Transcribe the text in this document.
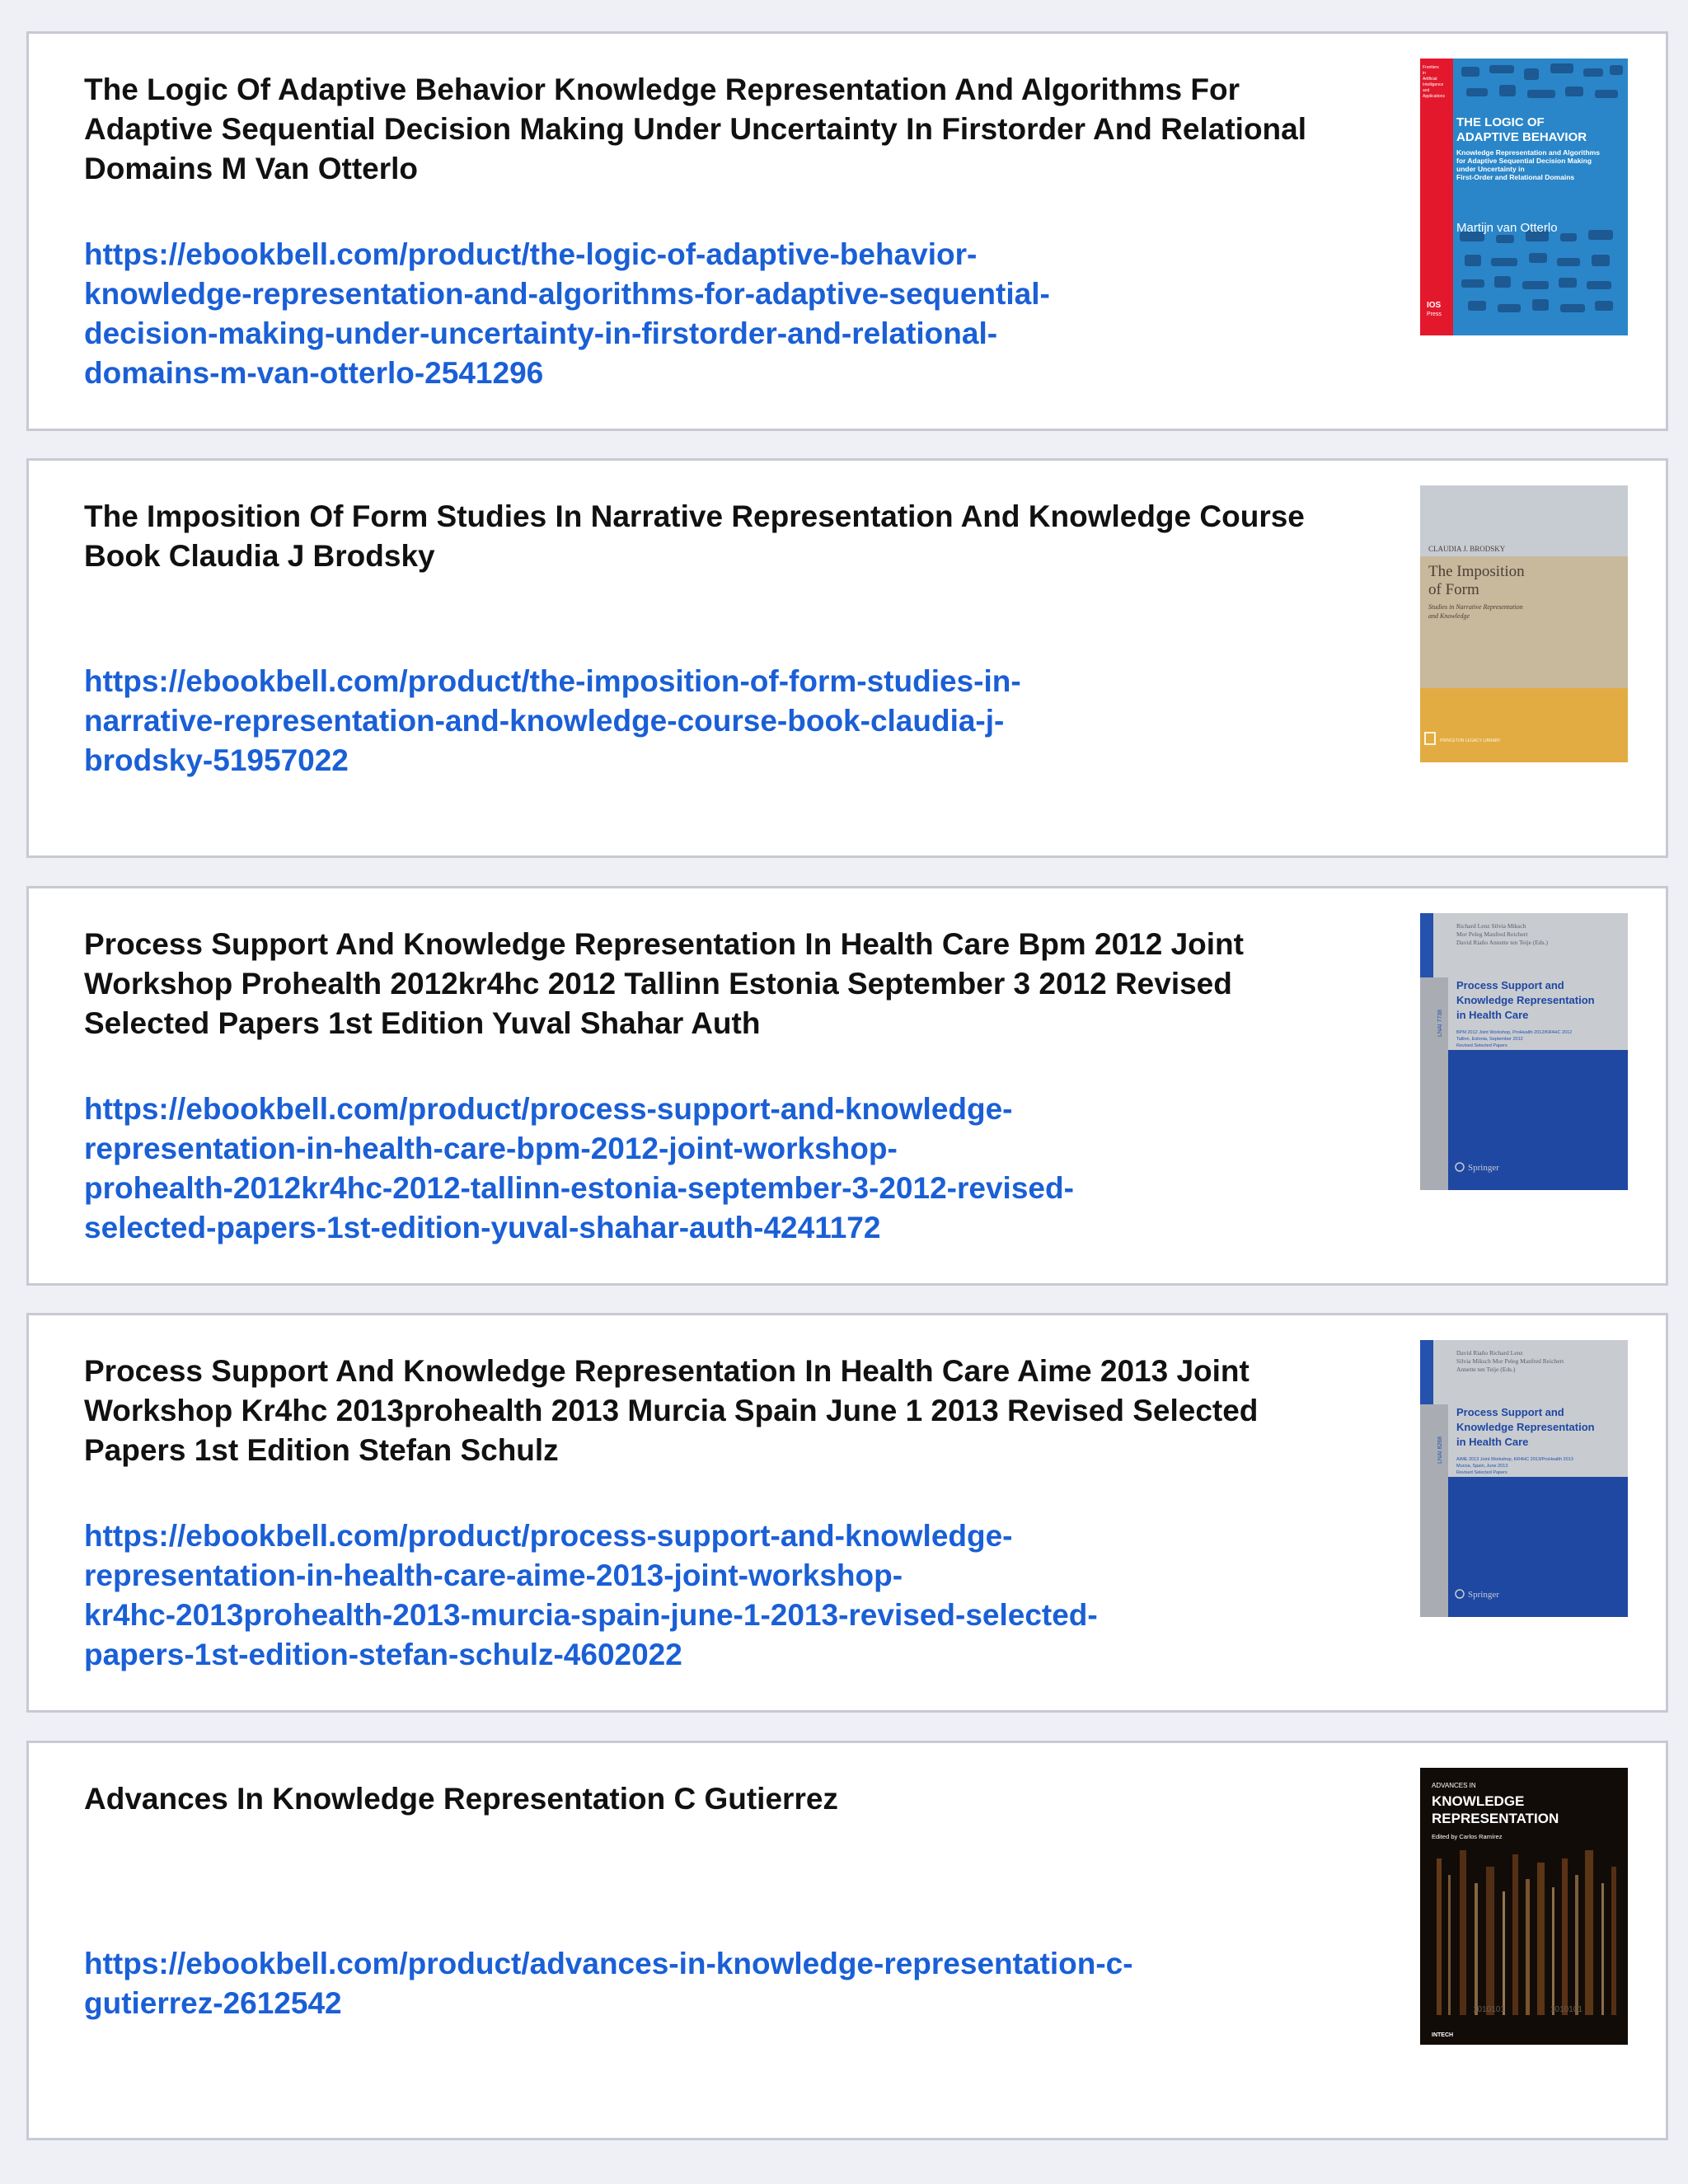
The Logic Of Adaptive Behavior Knowledge Representation And Algorithms For Adaptive Sequential Decision Making Under Uncertainty In Firstorder And Relational Domains M Van Otterlo
https://ebookbell.com/product/the-logic-of-adaptive-behavior-
knowledge-representation-and-algorithms-for-adaptive-sequential-
decision-making-under-uncertainty-in-firstorder-and-relational-
domains-m-van-otterlo-2541296
Frontiers
in
Artificial
Intelligence
and
Applications
THE LOGIC OF
ADAPTIVE BEHAVIOR
Knowledge Representation and Algorithms
for Adaptive Sequential Decision Making
under Uncertainty in
First-Order and Relational Domains
Martijn van Otterlo
IOS
Press
The Imposition Of Form Studies In Narrative Representation And Knowledge Course Book Claudia J Brodsky
https://ebookbell.com/product/the-imposition-of-form-studies-in-
narrative-representation-and-knowledge-course-book-claudia-j-
brodsky-51957022
CLAUDIA J. BRODSKY
The Imposition
of Form
Studies in Narrative Representation
and Knowledge
PRINCETON LEGACY LIBRARY
Process Support And Knowledge Representation In Health Care Bpm 2012 Joint Workshop Prohealth 2012kr4hc 2012 Tallinn Estonia September 3 2012 Revised Selected Papers 1st Edition Yuval Shahar Auth
https://ebookbell.com/product/process-support-and-knowledge-
representation-in-health-care-bpm-2012-joint-workshop-
prohealth-2012kr4hc-2012-tallinn-estonia-september-3-2012-revised-
selected-papers-1st-edition-yuval-shahar-auth-4241172
LNAI 7738
Richard Lenz Silvia Miksch
Mor Peleg Manfred Reichert
David Riaño Annette ten Teije (Eds.)
Process Support and
Knowledge Representation
in Health Care
BPM 2012 Joint Workshop, ProHealth 2012/KR4HC 2012
Tallinn, Estonia, September 2012
Revised Selected Papers
Springer
Process Support And Knowledge Representation In Health Care Aime 2013 Joint Workshop Kr4hc 2013prohealth 2013 Murcia Spain June 1 2013 Revised Selected Papers 1st Edition Stefan Schulz
https://ebookbell.com/product/process-support-and-knowledge-
representation-in-health-care-aime-2013-joint-workshop-
kr4hc-2013prohealth-2013-murcia-spain-june-1-2013-revised-selected-
papers-1st-edition-stefan-schulz-4602022
LNAI 8268
David Riaño Richard Lenz
Silvia Miksch Mor Peleg Manfred Reichert
Annette ten Teije (Eds.)
Process Support and
Knowledge Representation
in Health Care
AIME 2013 Joint Workshop, KR4HC 2013/ProHealth 2013
Murcia, Spain, June 2013
Revised Selected Papers
Springer
Advances In Knowledge Representation C Gutierrez
https://ebookbell.com/product/advances-in-knowledge-representation-c-
gutierrez-2612542
ADVANCES IN
KNOWLEDGE
REPRESENTATION
Edited by Carlos Ramírez
1010101	1010101
INTECH
